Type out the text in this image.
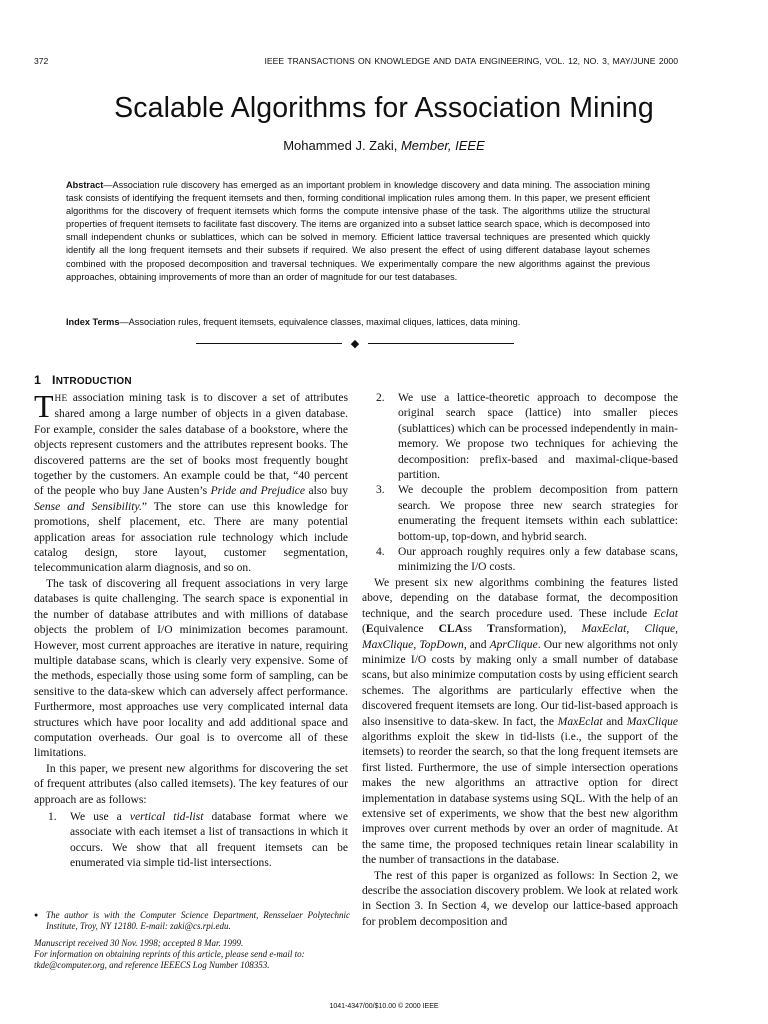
372	IEEE TRANSACTIONS ON KNOWLEDGE AND DATA ENGINEERING, VOL. 12, NO. 3, MAY/JUNE 2000
Scalable Algorithms for Association Mining
Mohammed J. Zaki, Member, IEEE
Abstract—Association rule discovery has emerged as an important problem in knowledge discovery and data mining. The association mining task consists of identifying the frequent itemsets and then, forming conditional implication rules among them. In this paper, we present efficient algorithms for the discovery of frequent itemsets which forms the compute intensive phase of the task. The algorithms utilize the structural properties of frequent itemsets to facilitate fast discovery. The items are organized into a subset lattice search space, which is decomposed into small independent chunks or sublattices, which can be solved in memory. Efficient lattice traversal techniques are presented which quickly identify all the long frequent itemsets and their subsets if required. We also present the effect of using different database layout schemes combined with the proposed decomposition and traversal techniques. We experimentally compare the new algorithms against the previous approaches, obtaining improvements of more than an order of magnitude for our test databases.
Index Terms—Association rules, frequent itemsets, equivalence classes, maximal cliques, lattices, data mining.
◆
1 INTRODUCTION

THE association mining task is to discover a set of attributes shared among a large number of objects in a given database. For example, consider the sales database of a bookstore, where the objects represent customers and the attributes represent books. The discovered patterns are the set of books most frequently bought together by the customers. An example could be that, “40 percent of the people who buy Jane Austen’s Pride and Prejudice also buy Sense and Sensibility.” The store can use this knowledge for promotions, shelf placement, etc. There are many potential application areas for association rule technology which include catalog design, store layout, customer segmentation, telecommunication alarm diagnosis, and so on.

The task of discovering all frequent associations in very large databases is quite challenging. The search space is exponential in the number of database attributes and with millions of database objects the problem of I/O minimization becomes paramount. However, most current approaches are iterative in nature, requiring multiple database scans, which is clearly very expensive. Some of the methods, especially those using some form of sampling, can be sensitive to the data-skew which can adversely affect performance. Furthermore, most approaches use very complicated internal data structures which have poor locality and add additional space and computation overheads. Our goal is to overcome all of these limitations.

In this paper, we present new algorithms for discovering the set of frequent attributes (also called itemsets). The key features of our approach are as follows:

1. We use a vertical tid-list database format where we associate with each itemset a list of transactions in which it occurs. We show that all frequent itemsets can be enumerated via simple tid-list intersections.
2. We use a lattice-theoretic approach to decompose the original search space (lattice) into smaller pieces (sublattices) which can be processed independently in main-memory. We propose two techniques for achieving the decomposition: prefix-based and maximal-clique-based partition.
3. We decouple the problem decomposition from pattern search. We propose three new search strategies for enumerating the frequent itemsets within each sublattice: bottom-up, top-down, and hybrid search.
4. Our approach roughly requires only a few database scans, minimizing the I/O costs.

We present six new algorithms combining the features listed above, depending on the database format, the decomposition technique, and the search procedure used. These include Eclat (Equivalence CLAss Transformation), MaxEclat, Clique, MaxClique, TopDown, and AprClique. Our new algorithms not only minimize I/O costs by making only a small number of database scans, but also minimize computation costs by using efficient search schemes. The algorithms are particularly effective when the discovered frequent itemsets are long. Our tid-list-based approach is also insensitive to data-skew. In fact, the MaxEclat and MaxClique algorithms exploit the skew in tid-lists (i.e., the support of the itemsets) to reorder the search, so that the long frequent itemsets are first listed. Furthermore, the use of simple intersection operations makes the new algorithms an attractive option for direct implementation in database systems using SQL. With the help of an extensive set of experiments, we show that the best new algorithm improves over current methods by over an order of magnitude. At the same time, the proposed techniques retain linear scalability in the number of transactions in the database.

The rest of this paper is organized as follows: In Section 2, we describe the association discovery problem. We look at related work in Section 3. In Section 4, we develop our lattice-based approach for problem decomposition and

● The author is with the Computer Science Department, Rensselaer Polytechnic Institute, Troy, NY 12180. E-mail: zaki@cs.rpi.edu.

Manuscript received 30 Nov. 1998; accepted 8 Mar. 1999.

For information on obtaining reprints of this article, please send e-mail to: tkde@computer.org, and reference IEEECS Log Number 108353.

1041-4347/00/$10.00 © 2000 IEEE
